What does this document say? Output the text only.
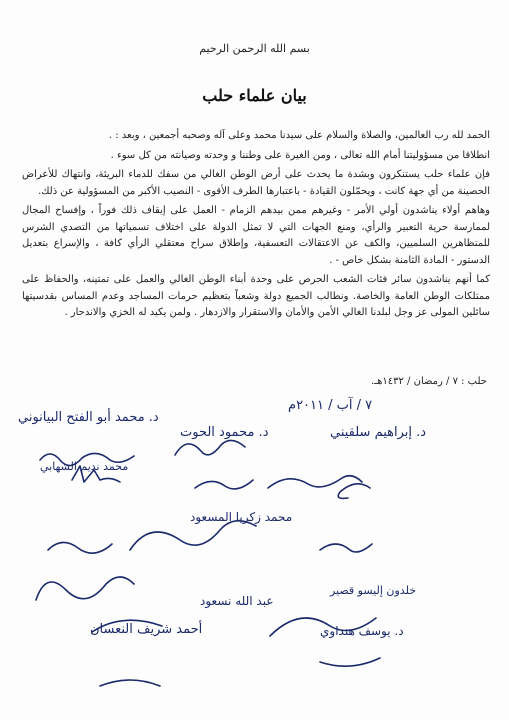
بسم الله الرحمن الرحيم
بيان علماء حلب

الحمد لله رب العالمين، والصلاة والسلام على سيدنا محمد وعلى آله وصحبه أجمعين ، وبعد : .

انطلاقا من مسؤوليتنا أمام الله تعالى ، ومن الغيرة على وطننا و وحدته وصيانته من كل سوء .

فإن علماء حلب يستنكرون وبشدة ما يحدث على أرض الوطن الغالي من سفك للدماء البريئة، وانتهاك للأعراض الحصينة من أي جهة كانت ، ويحمّلون القيادة - باعتبارها الطرف الأقوى - النصيب الأكبر من المسؤولية عن ذلك.

وهاهم أولاء يناشدون أولي الأمر - وغيرهم ممن بيدهم الزمام - العمل على إيقاف ذلك فوراً ، وإفساح المجال لممارسة حرية التعبير والرأي، ومنع الجهات التي لا تمثل الدولة على اختلاف تسمياتها من التصدي الشرس للمتظاهرين السلميين، والكف عن الاعتقالات التعسفية، وإطلاق سراح معتقلي الرأي كافة ، والإسراع بتعديل الدستور - المادة الثامنة بشكل خاص - .

كما أنهم يناشدون سائر فئات الشعب الحرص على وحدة أبناء الوطن الغالي والعمل على تمتينه، والحفاظ على ممتلكات الوطن العامة والخاصة. ونطالب الجميع دولة وشعباً بتعظيم حرمات المساجد وعدم المساس بقدسيتها سائلين المولى عز وجل لبلدنا الغالي الأمن والأمان والاستقرار والازدهار . ولمن يكيد له الخزي والاندحار .

حلب : ٧ / رمضان / ١٤٣٢هـ.
٧ / آب / ٢٠١١م
د. محمد أبو الفتح البيانوني
د. إبراهيم سلقيني
محمد نديم الشهابي
محمد زكريا المسعود
د. محمود الحوت
خلدون إليسو قصير
عبد الله نسعود
أحمد شريف النعسان	د. يوسف هنداوي
